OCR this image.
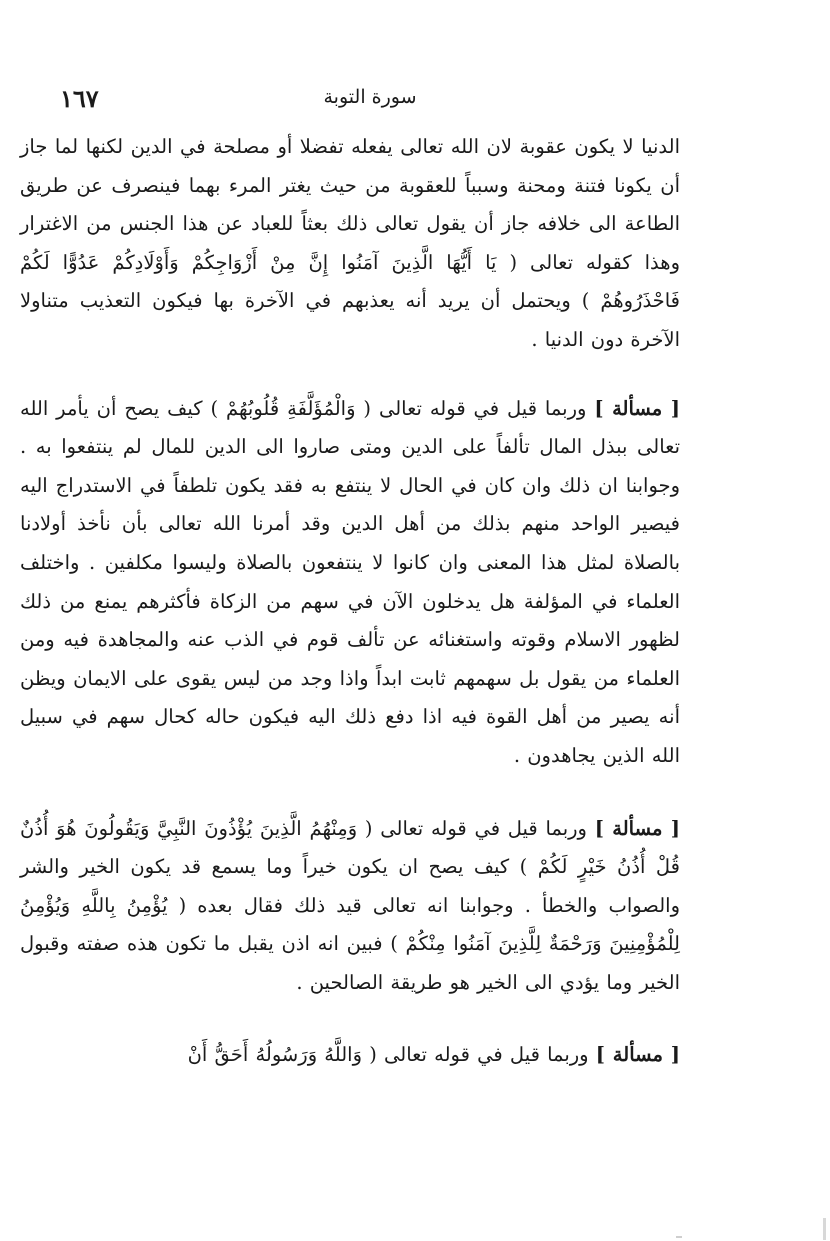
١٦٧	سورة التوبة

الدنيا لا يكون عقوبة لان الله تعالى يفعله تفضلا أو مصلحة في الدين لكنها لما جاز أن يكونا فتنة ومحنة وسبباً للعقوبة من حيث يغتر المرء بهما فينصرف عن طريق الطاعة الى خلافه جاز أن يقول تعالى ذلك بعثاً للعباد عن هذا الجنس من الاغترار وهذا كقوله تعالى ( يَا أَيُّهَا الَّذِينَ آمَنُوا إِنَّ مِنْ أَزْوَاجِكُمْ وَأَوْلَادِكُمْ عَدُوًّا لَكُمْ فَاحْذَرُوهُمْ ) ويحتمل أن يريد أنه يعذبهم في الآخرة بها فيكون التعذيب متناولا الآخرة دون الدنيا .

[ مسألة ] وربما قيل في قوله تعالى ( وَالْمُؤَلَّفَةِ قُلُوبُهُمْ ) كيف يصح أن يأمر الله تعالى ببذل المال تألفاً على الدين ومتى صاروا الى الدين للمال لم ينتفعوا به . وجوابنا ان ذلك وان كان في الحال لا ينتفع به فقد يكون تلطفاً في الاستدراج اليه فيصير الواحد منهم بذلك من أهل الدين وقد أمرنا الله تعالى بأن نأخذ أولادنا بالصلاة لمثل هذا المعنى وان كانوا لا ينتفعون بالصلاة وليسوا مكلفين . واختلف العلماء في المؤلفة هل يدخلون الآن في سهم من الزكاة فأكثرهم يمنع من ذلك لظهور الاسلام وقوته واستغنائه عن تألف قوم في الذب عنه والمجاهدة فيه ومن العلماء من يقول بل سهمهم ثابت ابداً واذا وجد من ليس يقوى على الايمان ويظن أنه يصير من أهل القوة فيه اذا دفع ذلك اليه فيكون حاله كحال سهم في سبيل الله الذين يجاهدون .

[ مسألة ] وربما قيل في قوله تعالى ( وَمِنْهُمُ الَّذِينَ يُؤْذُونَ النَّبِيَّ وَيَقُولُونَ هُوَ أُذُنٌ قُلْ أُذُنُ خَيْرٍ لَكُمْ ) كيف يصح ان يكون خيراً وما يسمع قد يكون الخير والشر والصواب والخطأ . وجوابنا انه تعالى قيد ذلك فقال بعده ( يُؤْمِنُ بِاللَّهِ وَيُؤْمِنُ لِلْمُؤْمِنِينَ وَرَحْمَةٌ لِلَّذِينَ آمَنُوا مِنْكُمْ ) فبين انه اذن يقبل ما تكون هذه صفته وقبول الخير وما يؤدي الى الخير هو طريقة الصالحين .

[ مسألة ] وربما قيل في قوله تعالى ( وَاللَّهُ وَرَسُولُهُ أَحَقُّ أَنْ
